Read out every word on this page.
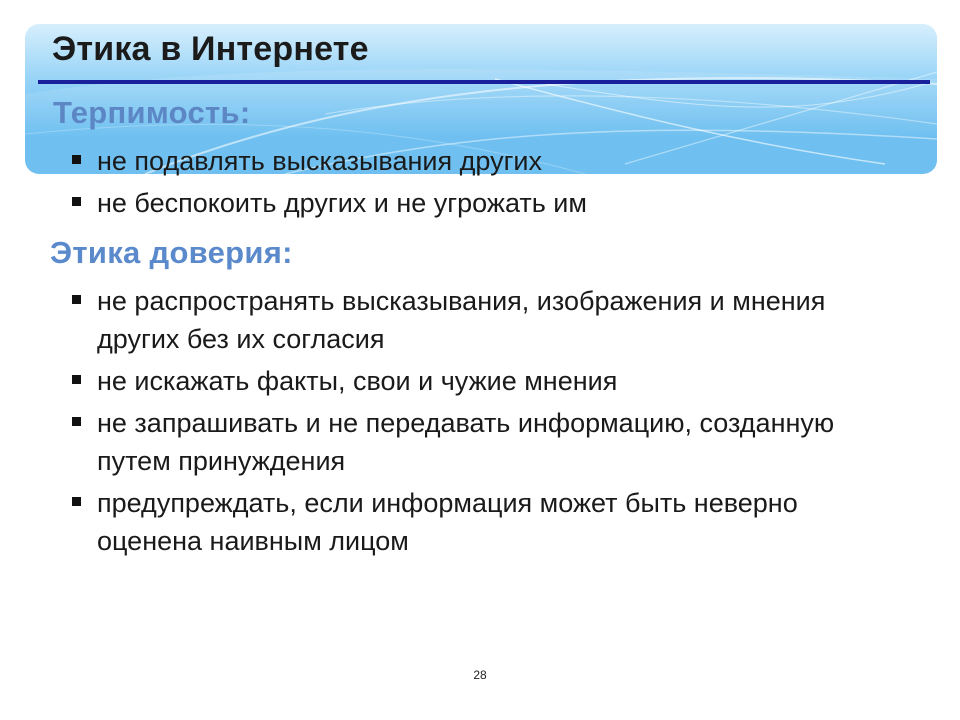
Этика в Интернете
Терпимость:
не подавлять высказывания других
не беспокоить других и не угрожать им
Этика доверия:
не распространять высказывания, изображения и мнения других без их согласия
не искажать факты, свои и чужие мнения
не запрашивать и не передавать информацию, созданную путем принуждения
предупреждать, если информация может быть неверно оценена наивным лицом
28
